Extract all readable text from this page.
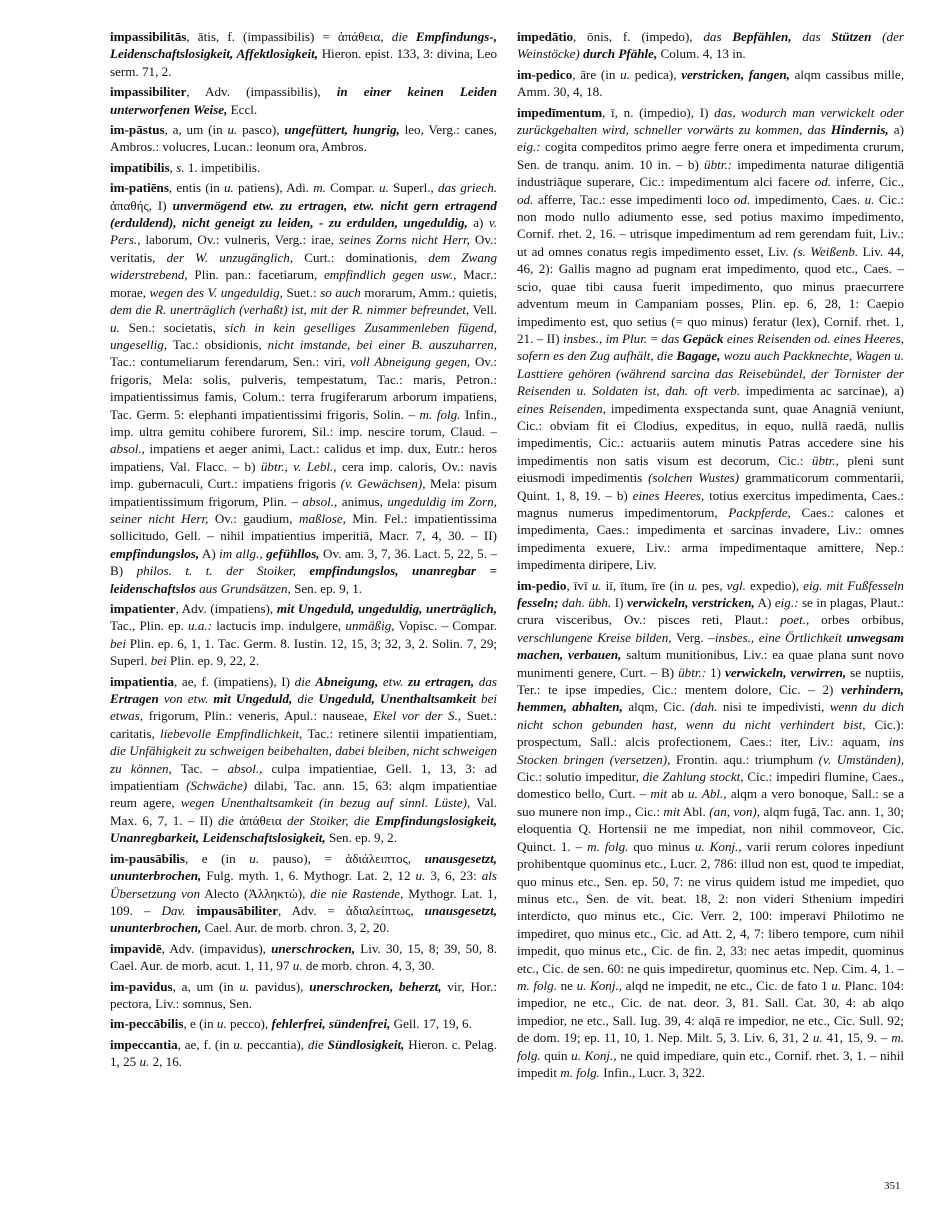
impassibilitās, ātis, f. (impassibilis) = ἀπάθεια, die Empfindungs-, Leidenschaftslosigkeit, Affektlosigkeit, Hieron. epist. 133, 3: divina, Leo serm. 71, 2.

impassibiliter, Adv. (impassibilis), in einer keinen Leiden unterworfenen Weise, Eccl.

im-pāstus, a, um (in u. pasco), ungefüttert, hungrig, leo, Verg.: canes, Ambros.: volucres, Lucan.: leonum ora, Ambros.

impatibilis, s. 1. impetibilis.

im-patiēns, entis (in u. patiens), Adi. m. Compar. u. Superl., das griech. ἀπαθής, I) unvermögend etw. zu ertragen, etw. nicht gern ertragend (erduldend), nicht geneigt zu leiden, - zu erdulden, ungeduldig, a) v. Pers., laborum, Ov.: vulneris, Verg.: irae, seines Zorns nicht Herr, Ov.: veritatis, der W. unzugänglich, Curt.: dominationis, dem Zwang widerstrebend, Plin. pan.: facetiarum, empfindlich gegen usw., Macr.: morae, wegen des V. ungeduldig, Suet.: so auch morarum, Amm.: quietis, dem die R. unerträglich (verhaßt) ist, mit der R. nimmer befreundet, Vell. u. Sen.: societatis, sich in kein geselliges Zusammenleben fügend, ungesellig, Tac.: obsidionis, nicht imstande, bei einer B. auszuharren, Tac.: contumeliarum ferendarum, Sen.: viri, voll Abneigung gegen, Ov.: frigoris, Mela: solis, pulveris, tempestatum, Tac.: maris, Petron.: impatientissimus famis, Colum.: terra frugiferarum arborum impatiens, Tac. Germ. 5: elephanti impatientissimi frigoris, Solin. – m. folg. Infin., imp. ultra gemitu cohibere furorem, Sil.: imp. nescire torum, Claud. – absol., impatiens et aeger animi, Lact.: calidus et imp. dux, Eutr.: heros impatiens, Val. Flacc. – b) übtr., v. Lebl., cera imp. caloris, Ov.: navis imp. gubernaculi, Curt.: impatiens frigoris (v. Gewächsen), Mela: pisum impatientissimum frigorum, Plin. – absol., animus, ungeduldig im Zorn, seiner nicht Herr, Ov.: gaudium, maßlose, Min. Fel.: impatientissima sollicitudo, Gell. – nihil impatientius imperitiā, Macr. 7, 4, 30. – II) empfindungslos, A) im allg., gefühllos, Ov. am. 3, 7, 36. Lact. 5, 22, 5. – B) philos. t. t. der Stoiker, empfindungslos, unanregbar = leidenschaftslos aus Grundsätzen, Sen. ep. 9, 1.

impatienter, Adv. (impatiens), mit Ungeduld, ungeduldig, unerträglich, Tac., Plin. ep. u.a.: lactucis imp. indulgere, unmäßig, Vopisc. – Compar. bei Plin. ep. 6, 1, 1. Tac. Germ. 8. Iustin. 12, 15, 3; 32, 3, 2. Solin. 7, 29; Superl. bei Plin. ep. 9, 22, 2.

impatientia, ae, f. (impatiens), I) die Abneigung, etw. zu ertragen, das Ertragen von etw. mit Ungeduld, die Ungeduld, Unenthaltsamkeit bei etwas, frigorum, Plin.: veneris, Apul.: nauseae, Ekel vor der S., Suet.: caritatis, liebevolle Empfindlichkeit, Tac.: retinere silentii impatientiam, die Unfähigkeit zu schweigen beibehalten, dabei bleiben, nicht schweigen zu können, Tac. – absol., culpa impatientiae, Gell. 1, 13, 3: ad impatientiam (Schwäche) dilabi, Tac. ann. 15, 63: alqm impatientiae reum agere, wegen Unenthaltsamkeit (in bezug auf sinnl. Lüste), Val. Max. 6, 7, 1. – II) die ἀπάθεια der Stoiker, die Empfindungslosigkeit, Unanregbarkeit, Leidenschaftslosigkeit, Sen. ep. 9, 2.

im-pausābilis, e (in u. pauso), = ἀδιάλειπτος, unausgesetzt, ununterbrochen, Fulg. myth. 1, 6. Mythogr. Lat. 2, 12 u. 3, 6, 23: als Übersetzung von Alecto (Ἀλληκτώ), die nie Rastende, Mythogr. Lat. 1, 109. – Dav. impausābiliter, Adv. = ἀδιαλείπτως, unausgesetzt, ununterbrochen, Cael. Aur. de morb. chron. 3, 2, 20.

impavidē, Adv. (impavidus), unerschrocken, Liv. 30, 15, 8; 39, 50, 8. Cael. Aur. de morb. acut. 1, 11, 97 u. de morb. chron. 4, 3, 30.

im-pavidus, a, um (in u. pavidus), unerschrocken, beherzt, vir, Hor.: pectora, Liv.: somnus, Sen.

im-peccābilis, e (in u. pecco), fehlerfrei, sündenfrei, Gell. 17, 19, 6.

impeccantia, ae, f. (in u. peccantia), die Sündlosigkeit, Hieron. c. Pelag. 1, 25 u. 2, 16.

impedātio, ōnis, f. (impedo), das Bepfählen, das Stützen (der Weinstöcke) durch Pfähle, Colum. 4, 13 in.

im-pedico, āre (in u. pedica), verstricken, fangen, alqm cassibus mille, Amm. 30, 4, 18.

impedīmentum, ī, n. (impedio), I) das, wodurch man verwickelt oder zurückgehalten wird, schneller vorwärts zu kommen, das Hindernis, a) eig.: cogita compeditos primo aegre ferre onera et impedimenta crurum, Sen. de tranqu. anim. 10 in. – b) übtr.: impedimenta naturae diligentiā industriāque superare, Cic.: impedimentum alci facere od. inferre, Cic., od. afferre, Tac.: esse impedimenti loco od. impedimento, Caes. u. Cic.: non modo nullo adiumento esse, sed potius maximo impedimento, Cornif. rhet. 2, 16. – utrisque impedimentum ad rem gerendam fuit, Liv.: ut ad omnes conatus regis impedimento esset, Liv. (s. Weißenb. Liv. 44, 46, 2): Gallis magno ad pugnam erat impedimento, quod etc., Caes. – scio, quae tibi causa fuerit impedimento, quo minus praecurrere adventum meum in Campaniam posses, Plin. ep. 6, 28, 1: Caepio impedimento est, quo setius (= quo minus) feratur (lex), Cornif. rhet. 1, 21. – II) insbes., im Plur. = das Gepäck eines Reisenden od. eines Heeres, sofern es den Zug aufhält, die Bagage, wozu auch Packknechte, Wagen u. Lasttiere gehören (während sarcina das Reisebündel, der Tornister der Reisenden u. Soldaten ist, dah. oft verb. impedimenta ac sarcinae), a) eines Reisenden, impedimenta exspectanda sunt, quae Anagniā veniunt, Cic.: obviam fit ei Clodius, expeditus, in equo, nullā raedā, nullis impedimentis, Cic.: actuariis autem minutis Patras accedere sine his impedimentis non satis visum est decorum, Cic.: übtr., pleni sunt eiusmodi impedimentis (solchen Wustes) grammaticorum commentarii, Quint. 1, 8, 19. – b) eines Heeres, totius exercitus impedimenta, Caes.: magnus numerus impedimentorum, Packpferde, Caes.: calones et impedimenta, Caes.: impedimenta et sarcinas invadere, Liv.: omnes impedimenta exuere, Liv.: arma impedimentaque amittere, Nep.: impedimenta diripere, Liv.

im-pedio, īvī u. iī, ītum, īre (in u. pes, vgl. expedio), eig. mit Fußfesseln fesseln; dah. übh. I) verwickeln, verstricken, A) eig.: se in plagas, Plaut.: crura visceribus, Ov.: pisces reti, Plaut.: poet., orbes orbibus, verschlungene Kreise bilden, Verg. –insbes., eine Örtlichkeit unwegsam machen, verbauen, saltum munitionibus, Liv.: ea quae plana sunt novo munimenti genere, Curt. – B) übtr.: 1) verwickeln, verwirren, se nuptiis, Ter.: te ipse impedies, Cic.: mentem dolore, Cic. – 2) verhindern, hemmen, abhalten, alqm, Cic. (dah. nisi te impedivisti, wenn du dich nicht schon gebunden hast, wenn du nicht verhindert bist, Cic.): prospectum, Sall.: alcis profectionem, Caes.: iter, Liv.: aquam, ins Stocken bringen (versetzen), Frontin. aqu.: triumphum (v. Umständen), Cic.: solutio impeditur, die Zahlung stockt, Cic.: impediri flumine, Caes., domestico bello, Curt. – mit ab u. Abl., alqm a vero bonoque, Sall.: se a suo munere non imp., Cic.: mit Abl. (an, von), alqm fugā, Tac. ann. 1, 30; eloquentia Q. Hortensii ne me impediat, non nihil commoveor, Cic. Quinct. 1. – m. folg. quo minus u. Konj., varii rerum colores inpediunt prohibentque quominus etc., Lucr. 2, 786: illud non est, quod te impediat, quo minus etc., Sen. ep. 50, 7: ne virus quidem istud me impediet, quo minus etc., Sen. de vit. beat. 18, 2: non videri Sthenium impediri interdicto, quo minus etc., Cic. Verr. 2, 100: imperavi Philotimo ne impediret, quo minus etc., Cic. ad Att. 2, 4, 7: libero tempore, cum nihil impedit, quo minus etc., Cic. de fin. 2, 33: nec aetas impedit, quominus etc., Cic. de sen. 60: ne quis impediretur, quominus etc. Nep. Cim. 4, 1. – m. folg. ne u. Konj., alqd ne impedit, ne etc., Cic. de fato 1 u. Planc. 104: impedior, ne etc., Cic. de nat. deor. 3, 81. Sall. Cat. 30, 4: ab alqo impedior, ne etc., Sall. Iug. 39, 4: alqā re impedior, ne etc., Cic. Sull. 92; de dom. 19; ep. 11, 10, 1. Nep. Milt. 5, 3. Liv. 6, 31, 2 u. 41, 15, 9. – m. folg. quin u. Konj., ne quid impediare, quin etc., Cornif. rhet. 3, 1. – nihil impedit m. folg. Infin., Lucr. 3, 322.

351
